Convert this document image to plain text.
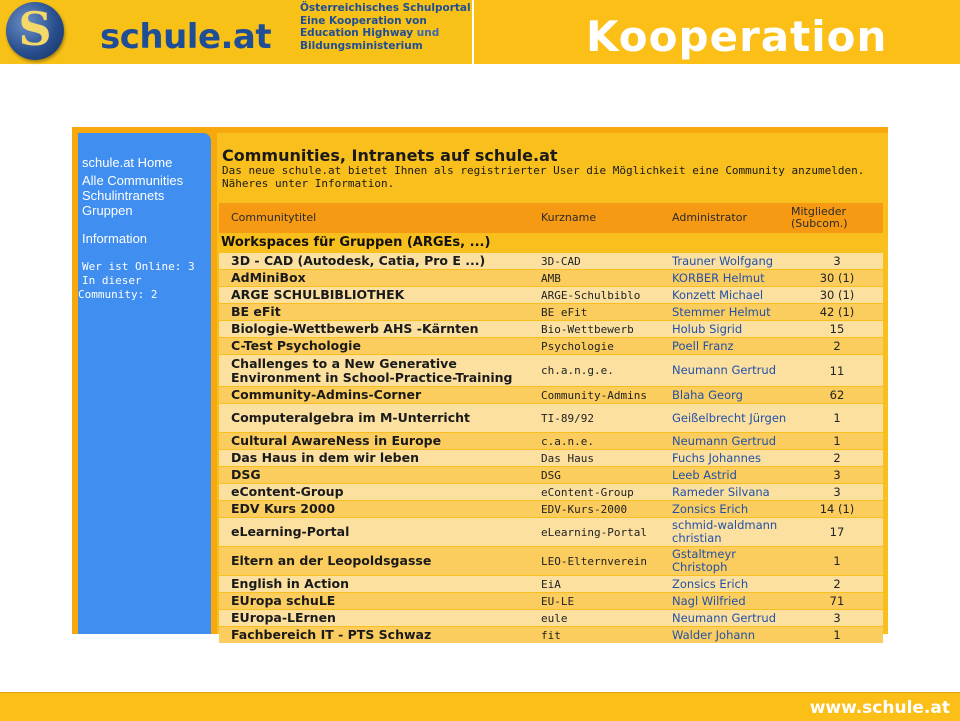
S	schule.at
Österreichisches Schulportal
Eine Kooperation von
Education Highway und
Bildungsministerium	Kooperation
schule.at Home
Alle Communities
Schulintranets
Gruppen
Information
Wer ist Online: 3
In dieser
Community: 2
Communities, Intranets auf schule.at
Das neue schule.at bietet Ihnen als registrierter User die Möglichkeit eine Community anzumelden.
Näheres unter Information.
Communitytitel	Kurzname	Administrator	Mitglieder
(Subcom.)
Workspaces für Gruppen (ARGEs, ...)
3D - CAD (Autodesk, Catia, Pro E ...)	3D-CAD	Trauner Wolfgang	3
AdMiniBox	AMB	KORBER Helmut	30 (1)
ARGE SCHULBIBLIOTHEK	ARGE-Schulbiblo	Konzett Michael	30 (1)
BE eFit	BE eFit	Stemmer Helmut	42 (1)
Biologie-Wettbewerb AHS -Kärnten	Bio-Wettbewerb	Holub Sigrid	15
C-Test Psychologie	Psychologie	Poell Franz	2
Challenges to a New Generative Environment in School-Practice-Training	ch.a.n.g.e.	Neumann Gertrud	11
Community-Admins-Corner	Community-Admins	Blaha Georg	62
Computeralgebra im M-Unterricht	TI-89/92	Geißelbrecht Jürgen	1
Cultural AwareNess in Europe	c.a.n.e.	Neumann Gertrud	1
Das Haus in dem wir leben	Das Haus	Fuchs Johannes	2
DSG	DSG	Leeb Astrid	3
eContent-Group	eContent-Group	Rameder Silvana	3
EDV Kurs 2000	EDV-Kurs-2000	Zonsics Erich	14 (1)
eLearning-Portal	eLearning-Portal	schmid-waldmann christian	17
Eltern an der Leopoldsgasse	LEO-Elternverein	Gstaltmeyr Christoph	1
English in Action	EiA	Zonsics Erich	2
EUropa schuLE	EU-LE	Nagl Wilfried	71
EUropa-LErnen	eule	Neumann Gertrud	3
Fachbereich IT - PTS Schwaz	fit	Walder Johann	1
www.schule.at
